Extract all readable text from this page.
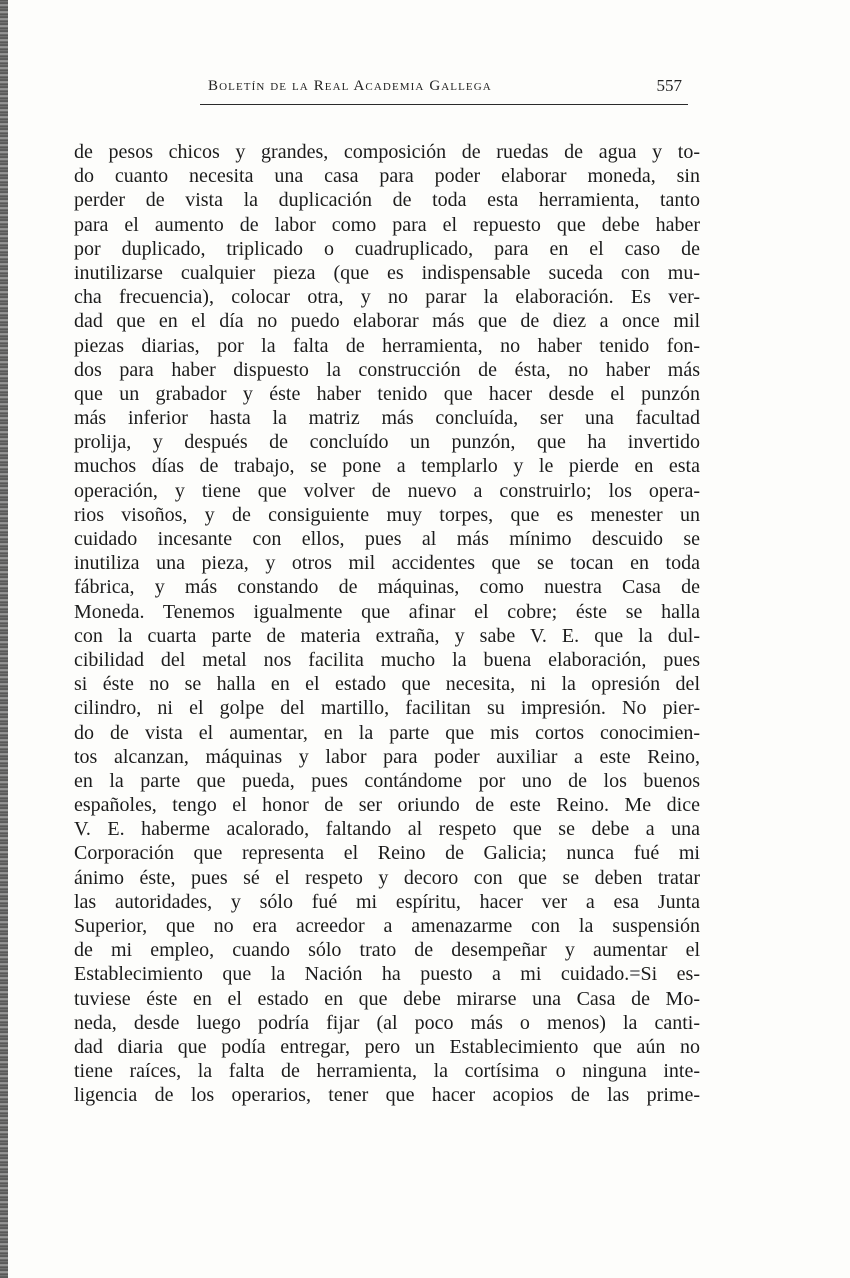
Boletín de la Real Academia Gallega	557
de pesos chicos y grandes, composición de ruedas de agua y to-
do cuanto necesita una casa para poder elaborar moneda, sin
perder de vista la duplicación de toda esta herramienta, tanto
para el aumento de labor como para el repuesto que debe haber
por duplicado, triplicado o cuadruplicado, para en el caso de
inutilizarse cualquier pieza (que es indispensable suceda con mu-
cha frecuencia), colocar otra, y no parar la elaboración. Es ver-
dad que en el día no puedo elaborar más que de diez a once mil
piezas diarias, por la falta de herramienta, no haber tenido fon-
dos para haber dispuesto la construcción de ésta, no haber más
que un grabador y éste haber tenido que hacer desde el punzón
más inferior hasta la matriz más concluída, ser una facultad
prolija, y después de concluído un punzón, que ha invertido
muchos días de trabajo, se pone a templarlo y le pierde en esta
operación, y tiene que volver de nuevo a construirlo; los opera-
rios visoños, y de consiguiente muy torpes, que es menester un
cuidado incesante con ellos, pues al más mínimo descuido se
inutiliza una pieza, y otros mil accidentes que se tocan en toda
fábrica, y más constando de máquinas, como nuestra Casa de
Moneda. Tenemos igualmente que afinar el cobre; éste se halla
con la cuarta parte de materia extraña, y sabe V. E. que la dul-
cibilidad del metal nos facilita mucho la buena elaboración, pues
si éste no se halla en el estado que necesita, ni la opresión del
cilindro, ni el golpe del martillo, facilitan su impresión. No pier-
do de vista el aumentar, en la parte que mis cortos conocimien-
tos alcanzan, máquinas y labor para poder auxiliar a este Reino,
en la parte que pueda, pues contándome por uno de los buenos
españoles, tengo el honor de ser oriundo de este Reino. Me dice
V. E. haberme acalorado, faltando al respeto que se debe a una
Corporación que representa el Reino de Galicia; nunca fué mi
ánimo éste, pues sé el respeto y decoro con que se deben tratar
las autoridades, y sólo fué mi espíritu, hacer ver a esa Junta
Superior, que no era acreedor a amenazarme con la suspensión
de mi empleo, cuando sólo trato de desempeñar y aumentar el
Establecimiento que la Nación ha puesto a mi cuidado.=Si es-
tuviese éste en el estado en que debe mirarse una Casa de Mo-
neda, desde luego podría fijar (al poco más o menos) la canti-
dad diaria que podía entregar, pero un Establecimiento que aún no
tiene raíces, la falta de herramienta, la cortísima o ninguna inte-
ligencia de los operarios, tener que hacer acopios de las prime-
